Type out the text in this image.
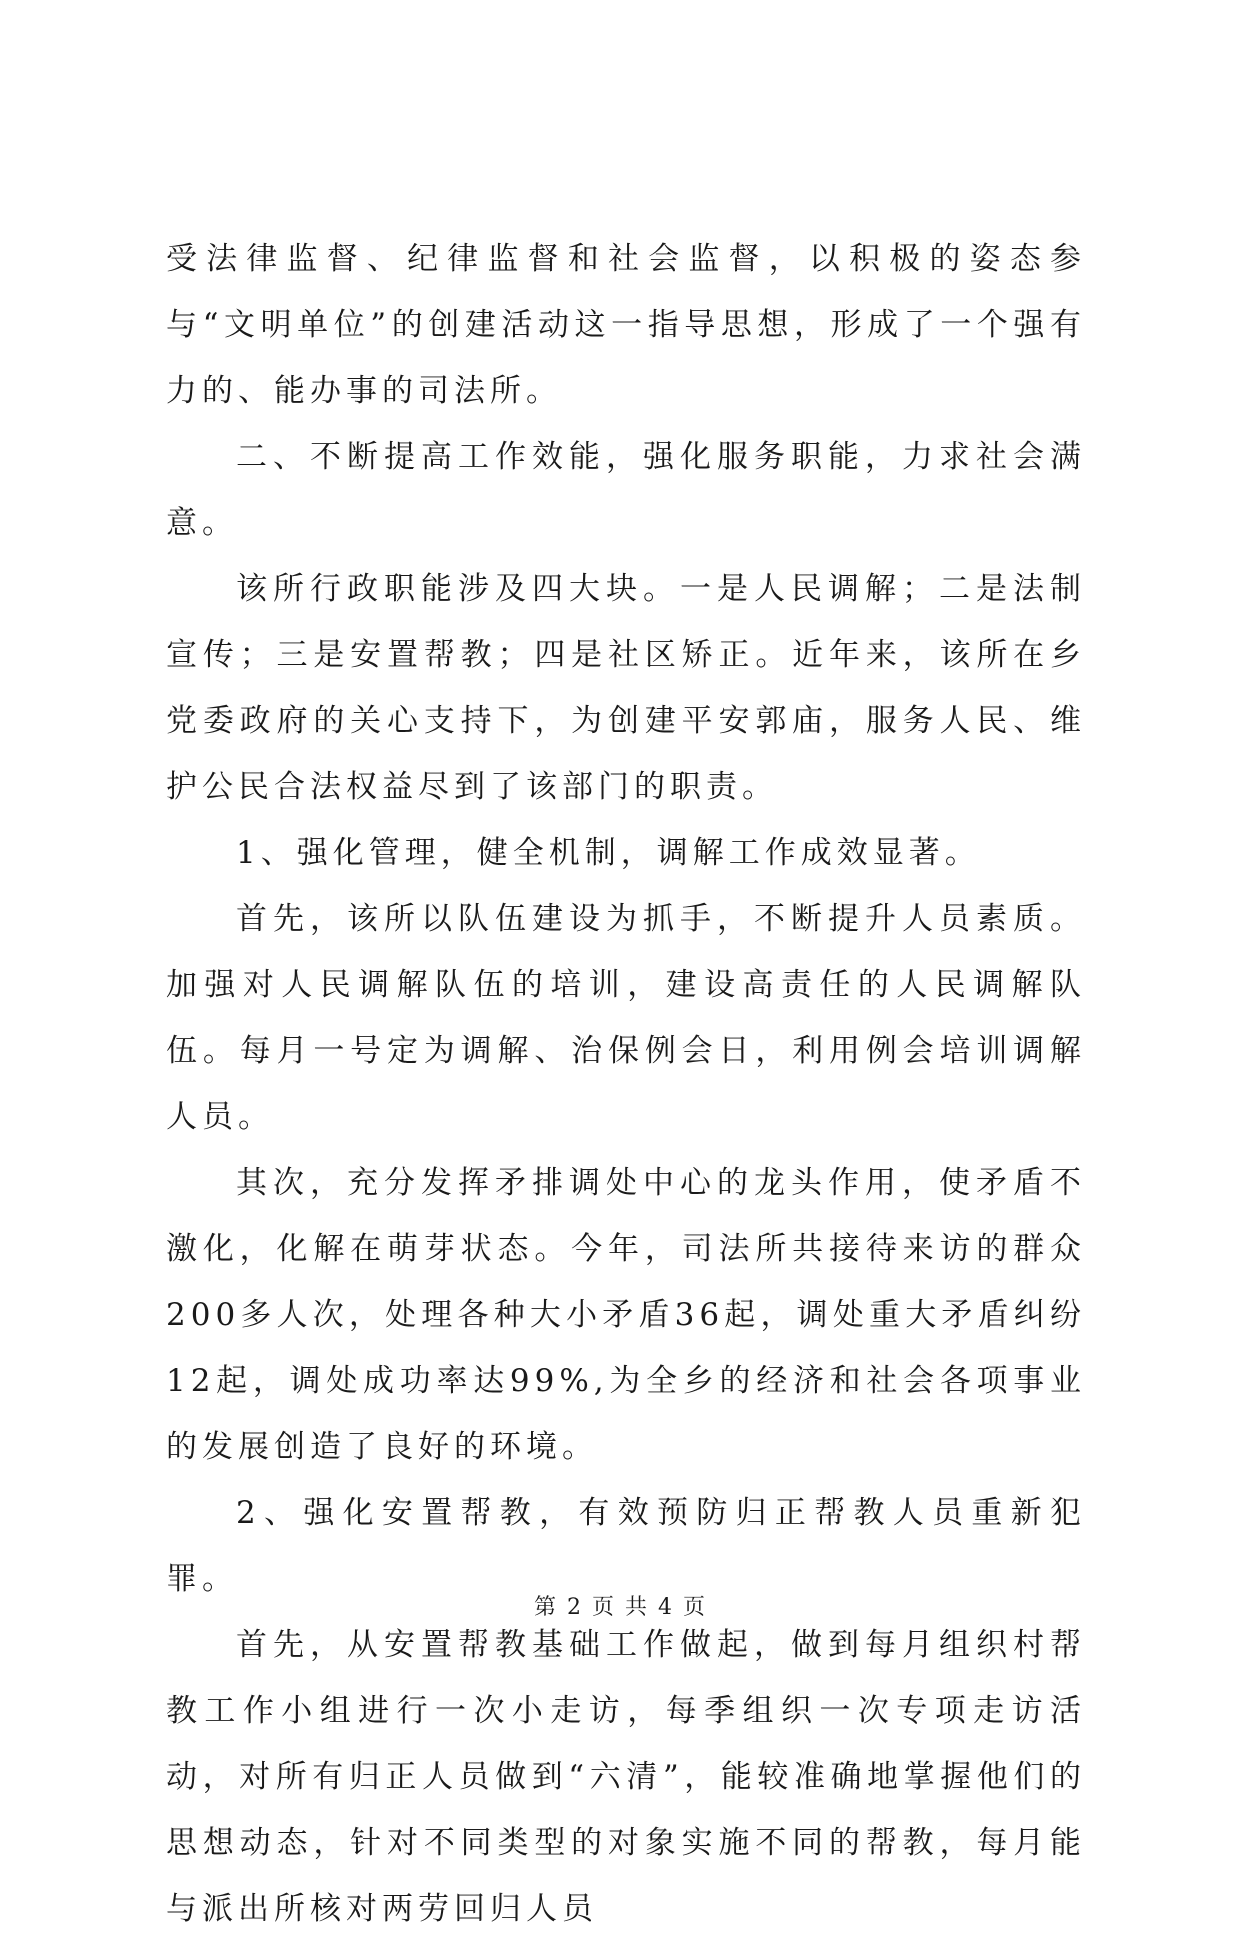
受法律监督、纪律监督和社会监督，以积极的姿态参与“文明单位”的创建活动这一指导思想，形成了一个强有力的、能办事的司法所。

二、不断提高工作效能，强化服务职能，力求社会满意。

该所行政职能涉及四大块。一是人民调解；二是法制宣传；三是安置帮教；四是社区矫正。近年来，该所在乡党委政府的关心支持下，为创建平安郭庙，服务人民、维护公民合法权益尽到了该部门的职责。

1、强化管理，健全机制，调解工作成效显著。

首先，该所以队伍建设为抓手，不断提升人员素质。加强对人民调解队伍的培训，建设高责任的人民调解队伍。每月一号定为调解、治保例会日，利用例会培训调解人员。

其次，充分发挥矛排调处中心的龙头作用，使矛盾不激化，化解在萌芽状态。今年，司法所共接待来访的群众200多人次，处理各种大小矛盾36起，调处重大矛盾纠纷12起，调处成功率达99%,为全乡的经济和社会各项事业的发展创造了良好的环境。

2、强化安置帮教，有效预防归正帮教人员重新犯罪。

首先，从安置帮教基础工作做起，做到每月组织村帮教工作小组进行一次小走访，每季组织一次专项走访活动，对所有归正人员做到“六清”，能较准确地掌握他们的思想动态，针对不同类型的对象实施不同的帮教，每月能与派出所核对两劳回归人员

第 2 页 共 4 页
